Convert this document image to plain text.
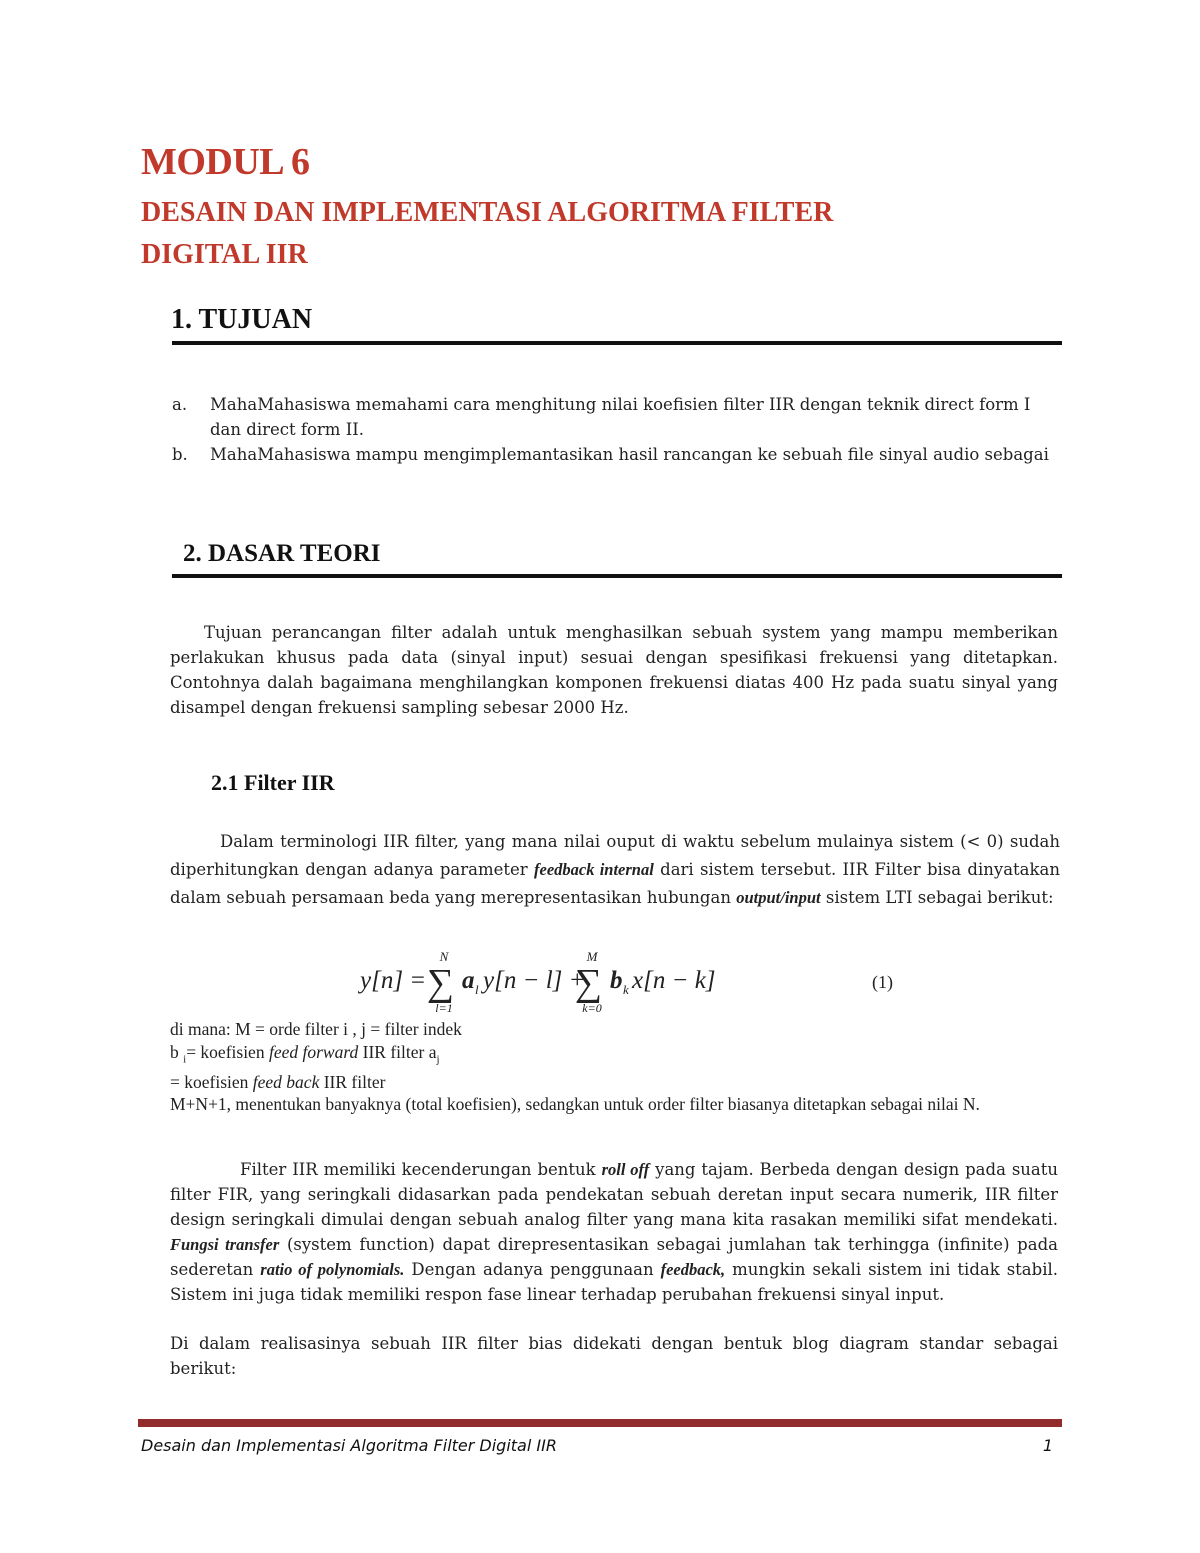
MODUL 6
DESAIN DAN IMPLEMENTASI ALGORITMA FILTER
DIGITAL IIR
1. TUJUAN
a.	MahaMahasiswa memahami cara menghitung nilai koefisien filter IIR dengan teknik direct form I dan direct form II.
b.	MahaMahasiswa mampu mengimplemantasikan hasil rancangan ke sebuah file sinyal audio sebagai
2. DASAR TEORI
Tujuan perancangan filter adalah untuk menghasilkan sebuah system yang mampu memberikan perlakukan khusus pada data (sinyal input) sesuai dengan spesifikasi frekuensi yang ditetapkan. Contohnya dalah bagaimana menghilangkan komponen frekuensi diatas 400 Hz pada suatu sinyal yang disampel dengan frekuensi sampling sebesar 2000 Hz.
2.1 Filter IIR
Dalam terminologi IIR filter, yang mana nilai ouput di waktu sebelum mulainya sistem (< 0) sudah diperhitungkan dengan adanya parameter feedback internal dari sistem tersebut. IIR Filter bisa dinyatakan dalam sebuah persamaan beda yang merepresentasikan hubungan output/input sistem LTI sebagai berikut:
y[n] =
N
∑
l=1
a l y[n − l] +
M
∑
k=0
b k x[n − k]	(1)
di mana: M = orde filter i , j = filter indek
b $_i$= koefisien feed forward IIR filter $a_j$
= koefisien feed back IIR filter
M+N+1, menentukan banyaknya (total koefisien), sedangkan untuk order filter biasanya ditetapkan sebagai nilai N.
Filter IIR memiliki kecenderungan bentuk roll off yang tajam. Berbeda dengan design pada suatu filter FIR, yang seringkali didasarkan pada pendekatan sebuah deretan input secara numerik, IIR filter design seringkali dimulai dengan sebuah analog filter yang mana kita rasakan memiliki sifat mendekati. Fungsi transfer (system function) dapat direpresentasikan sebagai jumlahan tak terhingga (infinite) pada sederetan ratio of polynomials. Dengan adanya penggunaan feedback, mungkin sekali sistem ini tidak stabil. Sistem ini juga tidak memiliki respon fase linear terhadap perubahan frekuensi sinyal input.
Di dalam realisasinya sebuah IIR filter bias didekati dengan bentuk blog diagram standar sebagai berikut:
Desain dan Implementasi Algoritma Filter Digital IIR	1
